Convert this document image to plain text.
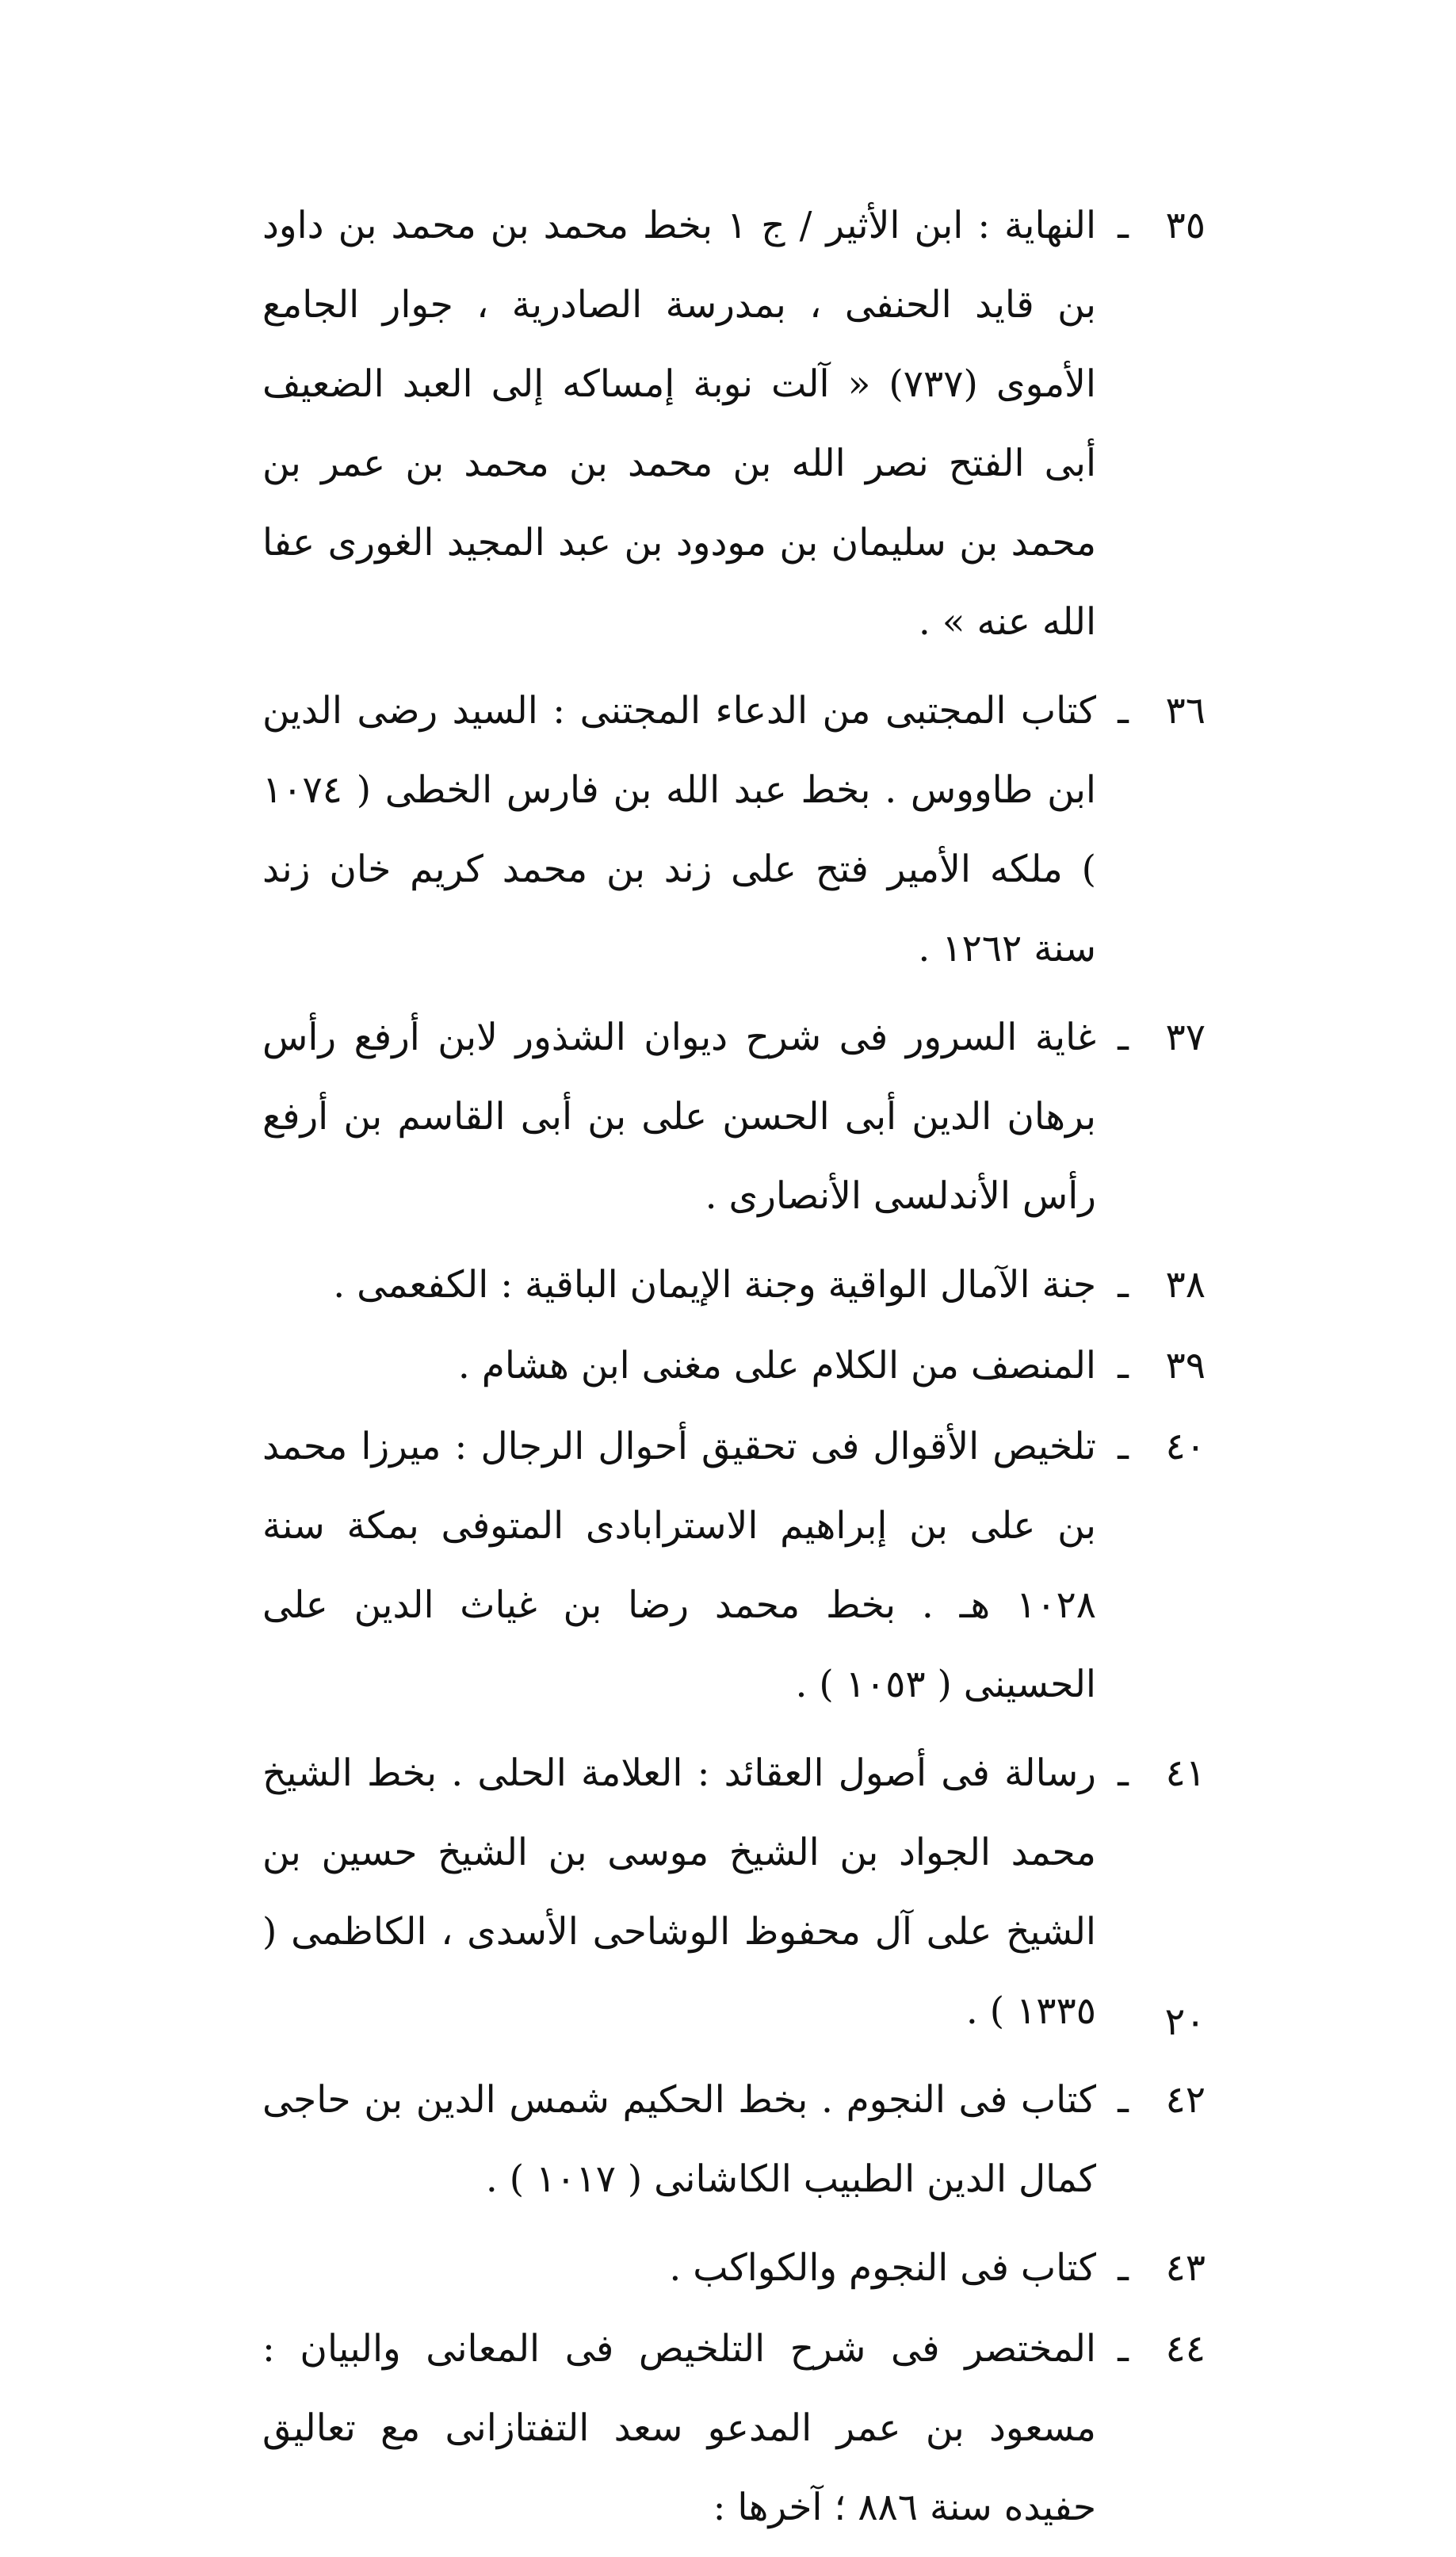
٣٥
ـ
النهاية : ابن الأثير / ج ١ بخط محمد بن محمد بن داود بن قايد الحنفى ، بمدرسة الصادرية ، جوار الجامع الأموى (٧٣٧) « آلت نوبة إمساكه إلى العبد الضعيف أبى الفتح نصر الله بن محمد بن محمد بن عمر بن محمد بن سليمان بن مودود بن عبد المجيد الغورى عفا الله عنه » .
٣٦
ـ
كتاب المجتبى من الدعاء المجتنى : السيد رضى الدين ابن طاووس . بخط عبد الله بن فارس الخطى ( ١٠٧٤ ) ملكه الأمير فتح على زند بن محمد كريم خان زند سنة ١٢٦٢ .
٣٧
ـ
غاية السرور فى شرح ديوان الشذور لابن أرفع رأس برهان الدين أبى الحسن على بن أبى القاسم بن أرفع رأس الأندلسى الأنصارى .
٣٨
ـ
جنة الآمال الواقية وجنة الإيمان الباقية : الكفعمى .
٣٩
ـ
المنصف من الكلام على مغنى ابن هشام .
٤٠
ـ
تلخيص الأقوال فى تحقيق أحوال الرجال : ميرزا محمد بن على بن إبراهيم الاسترابادى المتوفى بمكة سنة ١٠٢٨ هـ . بخط محمد رضا بن غياث الدين على الحسينى ( ١٠٥٣ ) .
٤١
ـ
رسالة فى أصول العقائد : العلامة الحلى . بخط الشيخ محمد الجواد بن الشيخ موسى بن الشيخ حسين بن الشيخ على آل محفوظ الوشاحى الأسدى ، الكاظمى ( ١٣٣٥ ) .
٤٢
ـ
كتاب فى النجوم . بخط الحكيم شمس الدين بن حاجى كمال الدين الطبيب الكاشانى ( ١٠١٧ ) .
٤٣
ـ
كتاب فى النجوم والكواكب .
٤٤
ـ
المختصر فى شرح التلخيص فى المعانى والبيان : مسعود بن عمر المدعو سعد التفتازانى مع تعاليق حفيده سنة ٨٨٦ ؛ آخرها :
٢٠
